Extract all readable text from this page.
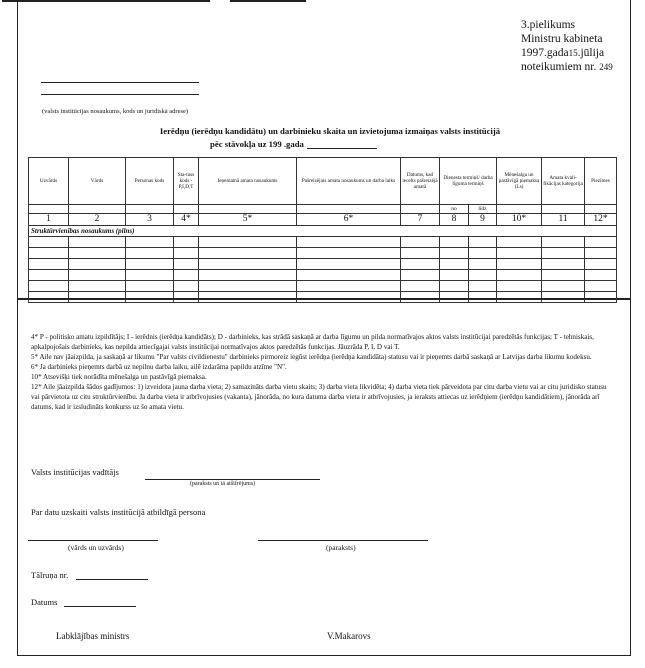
3.pielikums
Ministru kabineta
1997.gada15.jūlija
noteikumiem nr. 249
(valsts institūcijas nosaukums, kods un juridiskā adrese)
Ierēdņu (ierēdņu kandidātu) un darbinieku skaita un izvietojuma izmaiņas valsts institūcijā
pēc stāvokļa uz 199 .gada
Uzvārds	Vārds	Personas kods	Sta-tuss kods - P,I,D,T	Ieņemamā amata nosaukums	Pašreizējais amata nosaukums un darba laiks	Datums, kad iecelts pašreizējā amatā	Dienesta termiņš/ darba līguma termiņš		Mēnešalga un pastāvīgā piemaksa (Ls)	Amata kvali-fikācijas kategorija	Piezīmes
							no	līdz			
1	2	3	4*	5*	6*	7	8	9	10*	11	12*
Struktūrvienības nosaukums (pilns)											

4* P - politisko amatu izpildītājs; I - ierēdnis (ierēdņa kandidāts); D - darbinieks, kas strādā saskaņā ar darba līgumu un pilda normatīvajos aktos valsts institūcijai paredzētās funkcijas; T - tehniskais, apkalpojošais darbinieks, kas nepilda attiecīgajai valsts institūcijai normatīvajos aktos paredzētās funkcijas. Jāuzrāda P, I, D vai T.

5* Aile nav jāaizpilda, ja saskaņā ar likumu "Par valsts civildienestu" darbinieks pirmoreiz iegūst ierēdņa (ierēdņa kandidāta) statusu vai ir pieņemts darbā saskaņā ar Latvijas darba likumu kodeksu.

6* Ja darbinieks pieņemts darbā uz nepilnu darba laiku, ailē izdarāma papildu atzīme "N".

10* Atsevišķi tiek norādīta mēnešalga un pastāvīgā piemaksa.

12* Aile jāaizpilda šādos gadījumos: 1) izveidota jauna darba vieta; 2) samazināts darba vietu skaits; 3) darba vieta likvidēta; 4) darba vieta tiek pārveidota par citu darba vietu vai ar citu juridisko statusu vai pārvietota uz citu struktūrvienību. Ja darba vieta ir atbrīvojusies (vakanta), jānorāda, no kura datuma darba vieta ir atbrīvojusies, ja ieraksts attiecas uz ierēdņiem (ierēdņu kandidātiem), jānorāda arī datums, kad ir izsludināts konkurss uz šo amata vietu.

Valsts institūcijas vadītājs
(paraksts un tā atšifrējums)
Par datu uzskaiti valsts institūcijā atbildīgā persona
(vārds un uzvārds)	(paraksts)
Tālruņa nr.
Datums
Labklājības ministrs	V.Makarovs
